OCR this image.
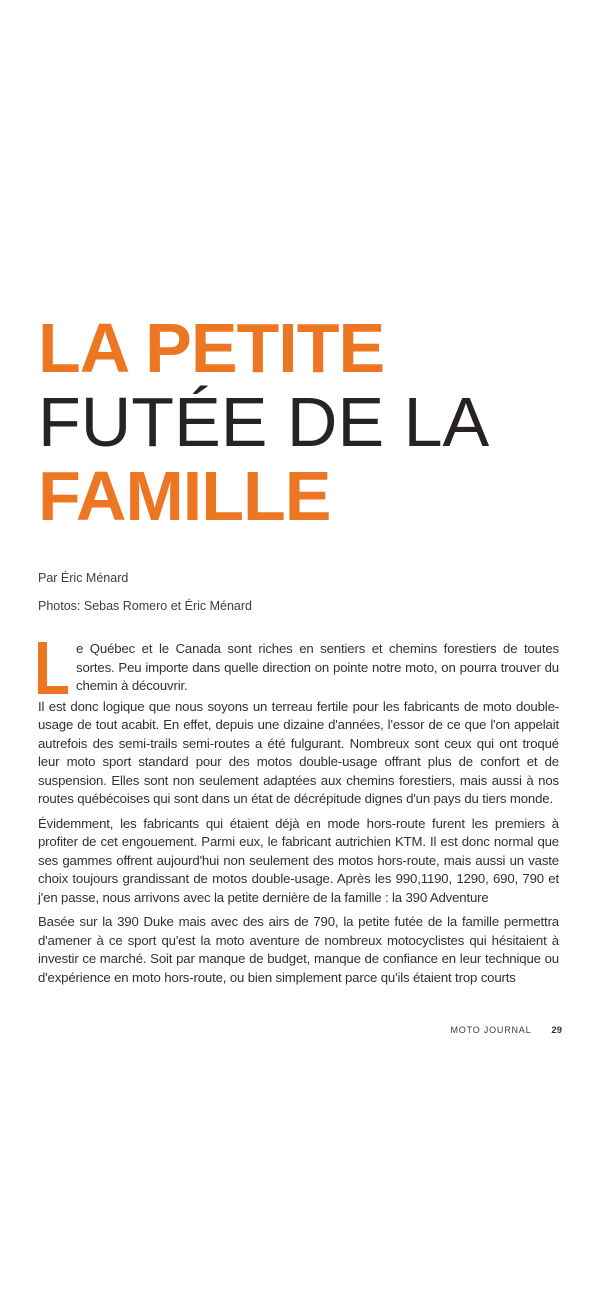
LA PETITE
FUTÉE DE LA
FAMILLE
Par Éric Ménard
Photos: Sebas Romero et Éric Ménard

e Québec et le Canada sont riches en sentiers et chemins forestiers de toutes sortes. Peu importe dans quelle direction on pointe notre moto, on pourra trouver du chemin à découvrir.

Il est donc logique que nous soyons un terreau fertile pour les fabricants de moto double-usage de tout acabit. En effet, depuis une dizaine d'années, l'essor de ce que l'on appelait autrefois des semi-trails semi-routes a été fulgurant. Nombreux sont ceux qui ont troqué leur moto sport standard pour des motos double-usage offrant plus de confort et de suspension. Elles sont non seulement adaptées aux chemins forestiers, mais aussi à nos routes québécoises qui sont dans un état de décrépitude dignes d'un pays du tiers monde.

Évidemment, les fabricants qui étaient déjà en mode hors-route furent les premiers à profiter de cet engouement. Parmi eux, le fabricant autrichien KTM. Il est donc normal que ses gammes offrent aujourd'hui non seulement des motos hors-route, mais aussi un vaste choix toujours grandissant de motos double-usage. Après les 990,1190, 1290, 690, 790 et j'en passe, nous arrivons avec la petite dernière de la famille : la 390 Adventure

Basée sur la 390 Duke mais avec des airs de 790, la petite futée de la famille permettra d'amener à ce sport qu'est la moto aventure de nombreux motocyclistes qui hésitaient à investir ce marché. Soit par manque de budget, manque de confiance en leur technique ou d'expérience en moto hors-route, ou bien simplement parce qu'ils étaient trop courts

MOTO JOURNAL 29
